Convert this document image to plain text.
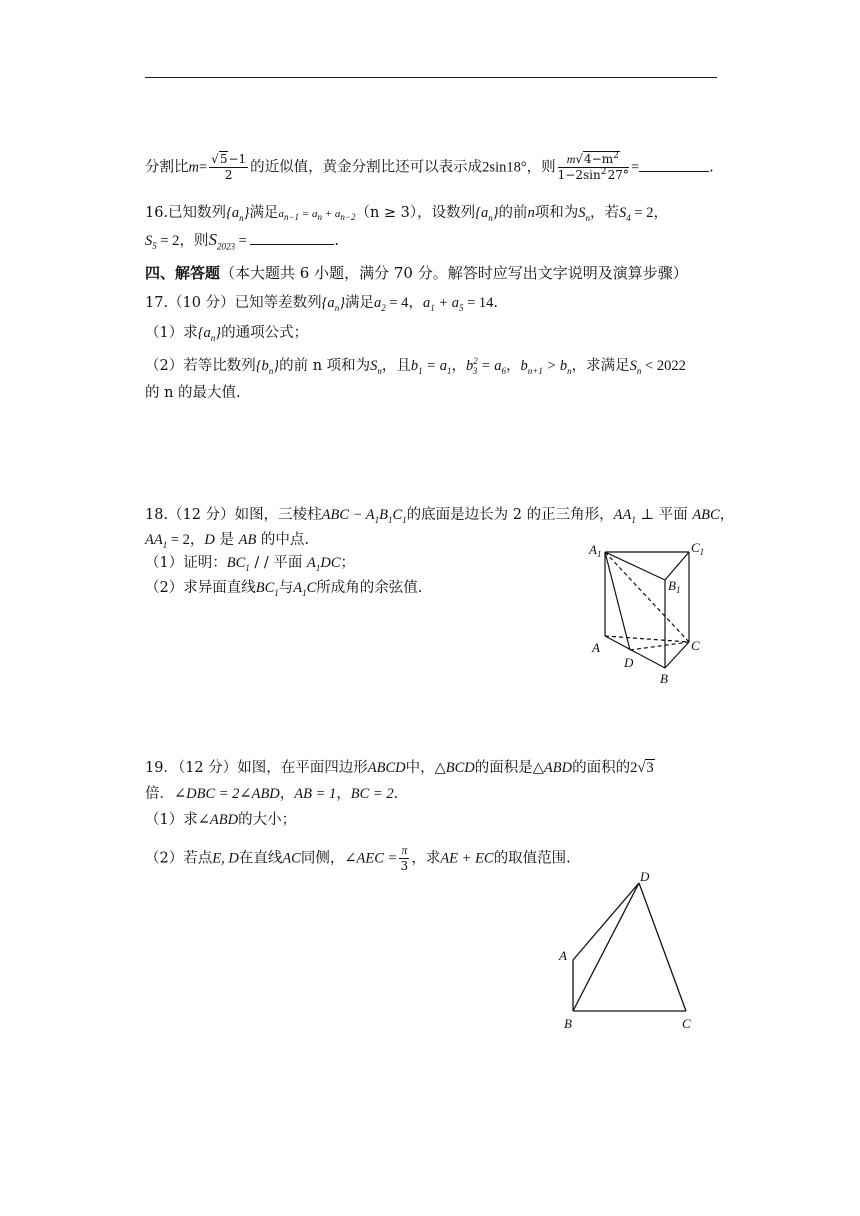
分割比$m= \frac{√5-1}{2}$ 的近似值，黄金分割比还可以表示成2sin18°，则 $\frac{m√4-m^2}{1-2\sin^2 27^\circ}$ =	.
16.已知数列$\{a_n\}$满足$a_{n-1} = a_n + a_{n-2}(n \ge 3)$，设数列$\{a_n\}$的前n项和为$S_n$，若$S_4 = 2$，
$S_5 = 2$，则$S_{2023}$ =	.
四、解答题（本大题共 6 小题，满分 70 分。解答时应写出文字说明及演算步骤）
17.（10 分）已知等差数列$\{a_n\}$满足$a_2 = 4$，$a_1 + a_5 = 14$.
（1）求$\{a_n\}$的通项公式；
（2）若等比数列$\{b_n\}$的前 n 项和为$S_n$，且$b_1 = a_1$，$b^2_3 = a_6$，$b_{n+1} > b_n$，求满足$S_n < 2022$
的 n 的最大值.
18.（12 分）如图，三棱柱ABC − $A_1B_1C_1$的底面是边长为 2 的正三角形，$AA_1$ ⊥ 平面 ABC，
$AA_1 = 2$，D 是 AB 的中点.
（1）证明：$BC_1$ / / 平面 $A_1DC$；
（2）求异面直线$BC_1$与$A_1C$所成角的余弦值.
$A_1$	$C_1$
$B_1$
A	C
D
B
19．（12 分）如图，在平面四边形ABCD中，△BCD的面积是△ABD的面积的2√3
倍．∠DBC = 2∠ABD，AB = 1，BC = 2．
（1）求∠ABD的大小；
（2）若点E, D在直线AC同侧，∠AEC = $\frac{\pi}{3}$ ，求AE + EC的取值范围.
D
A
B	C
